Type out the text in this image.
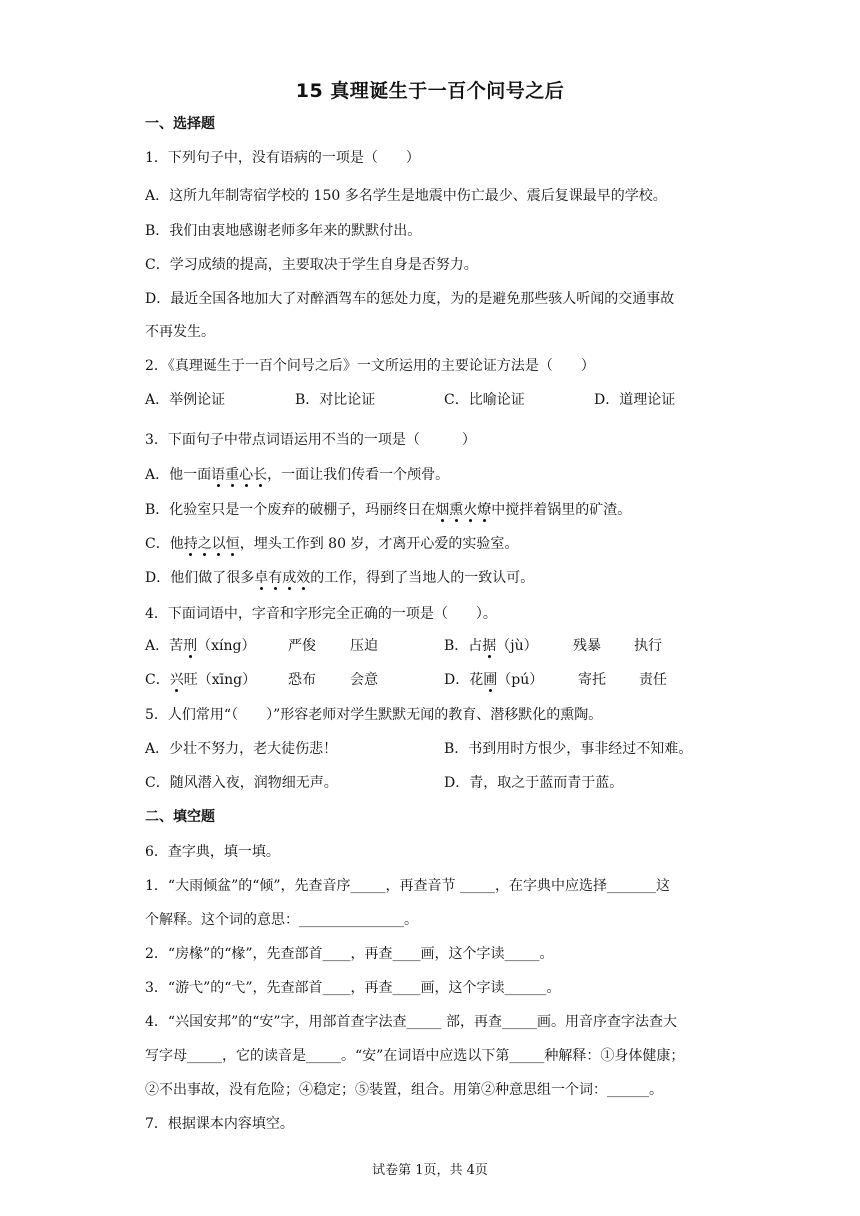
15 真理诞生于一百个问号之后
一、选择题
1．下列句子中，没有语病的一项是（　　）
A．这所九年制寄宿学校的 150 多名学生是地震中伤亡最少、震后复课最早的学校。
B．我们由衷地感谢老师多年来的默默付出。
C．学习成绩的提高，主要取决于学生自身是否努力。
D．最近全国各地加大了对醉酒驾车的惩处力度，为的是避免那些骇人听闻的交通事故
不再发生。
2．《真理诞生于一百个问号之后》一文所运用的主要论证方法是（　　）
A．举例论证	B．对比论证	C．比喻论证	D．道理论证
3．下面句子中带点词语运用不当的一项是（　　　）
A．他一面语重心长，一面让我们传看一个颅骨。
B．化验室只是一个废弃的破棚子，玛丽终日在烟熏火燎中搅拌着锅里的矿渣。
C．他持之以恒，埋头工作到 80 岁，才离开心爱的实验室。
D．他们做了很多卓有成效的工作，得到了当地人的一致认可。
4．下面词语中，字音和字形完全正确的一项是（　　）。
A．苦刑（xíng） 严俊 压迫	B．占据（jù）	残暴 执行
C．兴旺（xīng） 恐布 会意	D．花圃（pú） 寄托 责任
5．人们常用“（　　）”形容老师对学生默默无闻的教育、潜移默化的熏陶。
A．少壮不努力，老大徒伤悲！	B．书到用时方恨少，事非经过不知难。
C．随风潜入夜，润物细无声。	D．青，取之于蓝而青于蓝。
二、填空题
6．查字典，填一填。
1．“大雨倾盆”的“倾”，先查音序_____，再查音节 _____，在字典中应选择_______这
个解释。这个词的意思：_______________。
2．“房椽”的“椽”，先查部首____，再查____画，这个字读_____。
3．“游弋”的“弋”，先查部首____，再查____画，这个字读______。
4．“兴国安邦”的“安”字，用部首查字法查_____ 部，再查_____画。用音序查字法查大
写字母_____，它的读音是_____。“安”在词语中应选以下第_____种解释：①身体健康；
②不出事故，没有危险；④稳定；⑤装置，组合。用第②种意思组一个词：______。
7．根据课本内容填空。
试卷第 1页，共 4页
